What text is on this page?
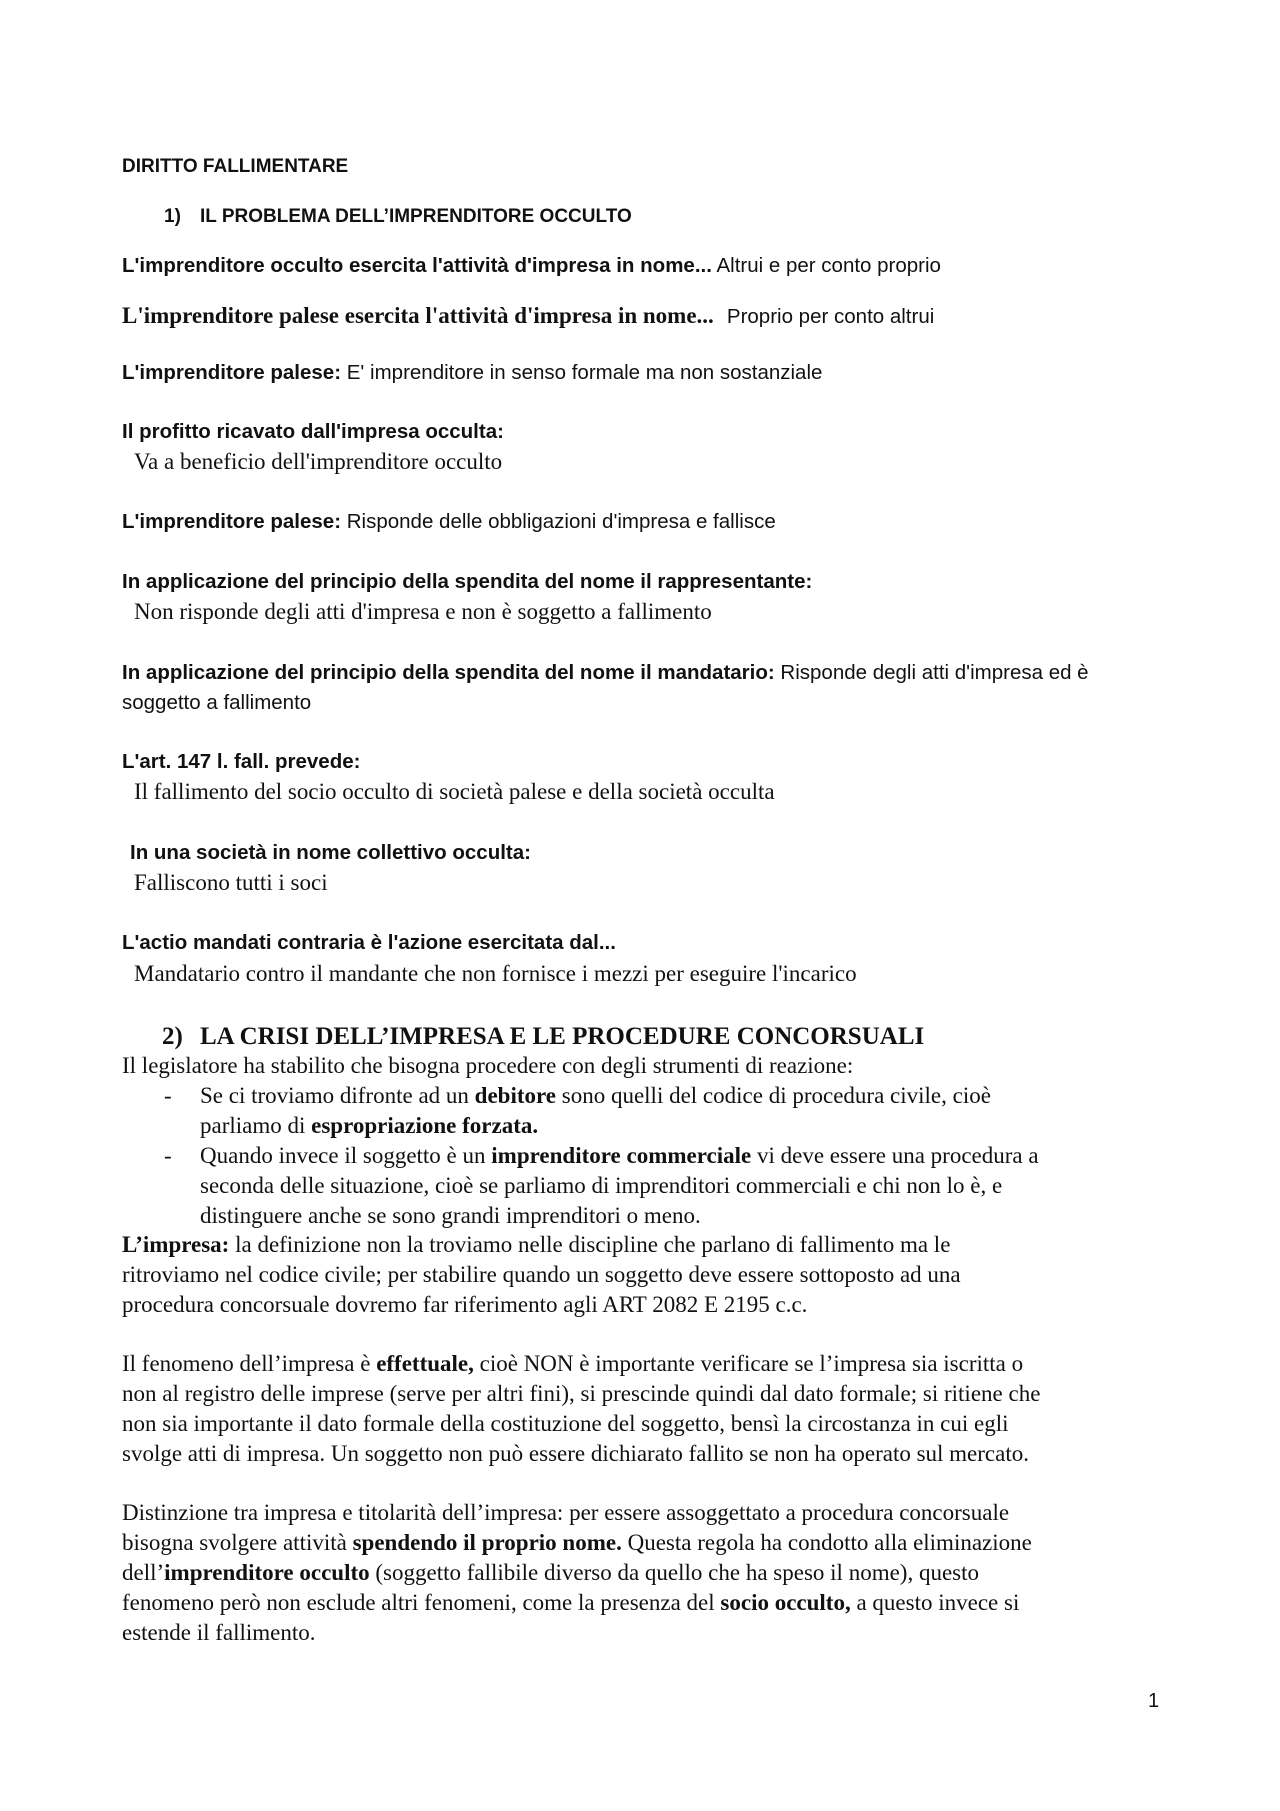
DIRITTO FALLIMENTARE
1) IL PROBLEMA DELL’IMPRENDITORE OCCULTO
L'imprenditore occulto esercita l'attività d'impresa in nome... Altrui e per conto proprio
L'imprenditore palese esercita l'attività d'impresa in nome... Proprio per conto altrui
L'imprenditore palese: E' imprenditore in senso formale ma non sostanziale
Il profitto ricavato dall'impresa occulta:
Va a beneficio dell'imprenditore occulto
L'imprenditore palese: Risponde delle obbligazioni d'impresa e fallisce
In applicazione del principio della spendita del nome il rappresentante:
Non risponde degli atti d'impresa e non è soggetto a fallimento
In applicazione del principio della spendita del nome il mandatario: Risponde degli atti d'impresa ed è
soggetto a fallimento
L'art. 147 l. fall. prevede:
Il fallimento del socio occulto di società palese e della società occulta
In una società in nome collettivo occulta:
Falliscono tutti i soci
L'actio mandati contraria è l'azione esercitata dal...
Mandatario contro il mandante che non fornisce i mezzi per eseguire l'incarico
2) LA CRISI DELL’IMPRESA E LE PROCEDURE CONCORSUALI
Il legislatore ha stabilito che bisogna procedere con degli strumenti di reazione:
- Se ci troviamo difronte ad un debitore sono quelli del codice di procedura civile, cioè
parliamo di espropriazione forzata.
- Quando invece il soggetto è un imprenditore commerciale vi deve essere una procedura a
seconda delle situazione, cioè se parliamo di imprenditori commerciali e chi non lo è, e
distinguere anche se sono grandi imprenditori o meno.
L’impresa: la definizione non la troviamo nelle discipline che parlano di fallimento ma le
ritroviamo nel codice civile; per stabilire quando un soggetto deve essere sottoposto ad una
procedura concorsuale dovremo far riferimento agli ART 2082 E 2195 c.c.
Il fenomeno dell’impresa è effettuale, cioè NON è importante verificare se l’impresa sia iscritta o
non al registro delle imprese (serve per altri fini), si prescinde quindi dal dato formale; si ritiene che
non sia importante il dato formale della costituzione del soggetto, bensì la circostanza in cui egli
svolge atti di impresa. Un soggetto non può essere dichiarato fallito se non ha operato sul mercato.
Distinzione tra impresa e titolarità dell’impresa: per essere assoggettato a procedura concorsuale
bisogna svolgere attività spendendo il proprio nome. Questa regola ha condotto alla eliminazione
dell’imprenditore occulto (soggetto fallibile diverso da quello che ha speso il nome), questo
fenomeno però non esclude altri fenomeni, come la presenza del socio occulto, a questo invece si
estende il fallimento.
1
